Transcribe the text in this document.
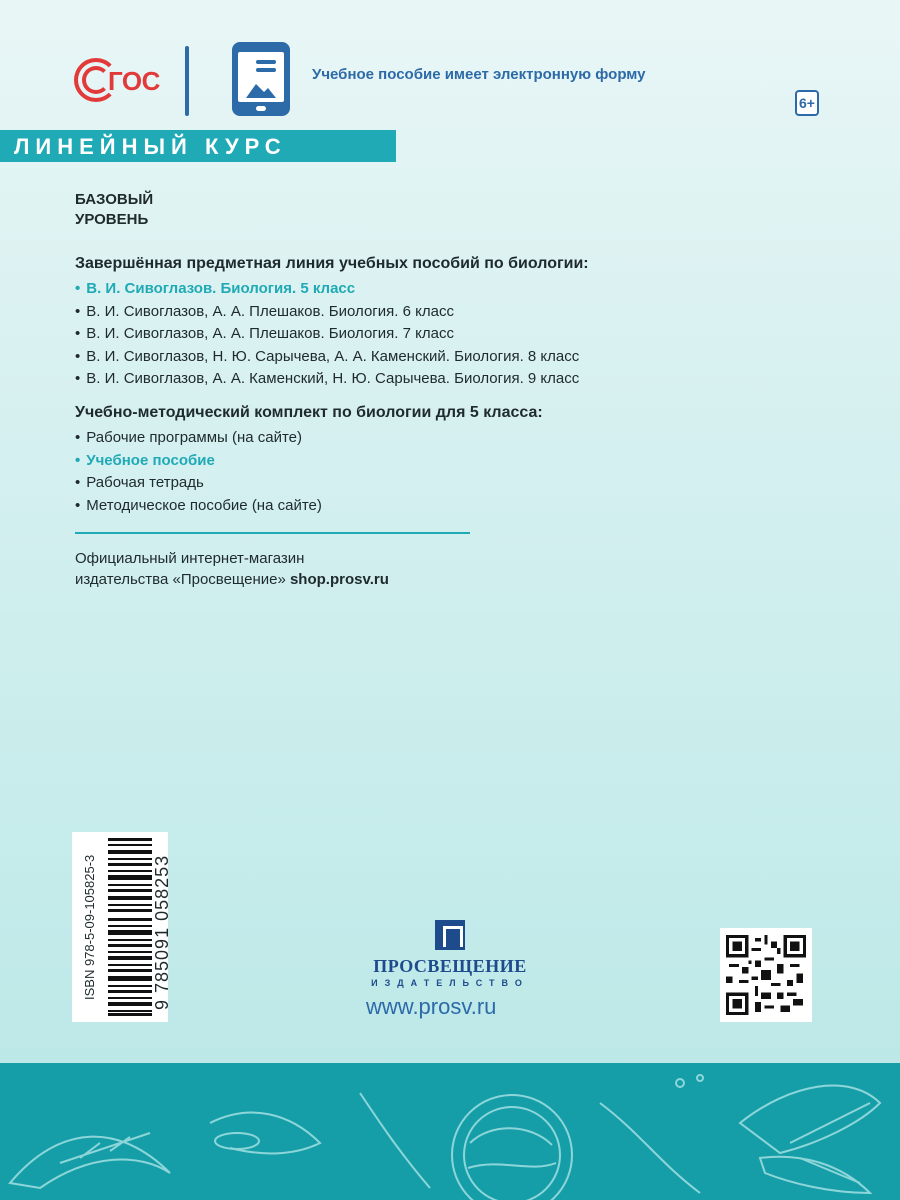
ГОС	Учебное пособие имеет электронную форму
6+
ЛИНЕЙНЫЙ КУРС
БАЗОВЫЙ
УРОВЕНЬ
Завершённая предметная линия учебных пособий по биологии:
• В. И. Сивоглазов. Биология. 5 класс
• В. И. Сивоглазов, А. А. Плешаков. Биология. 6 класс
• В. И. Сивоглазов, А. А. Плешаков. Биология. 7 класс
• В. И. Сивоглазов, Н. Ю. Сарычева, А. А. Каменский. Биология. 8 класс
• В. И. Сивоглазов, А. А. Каменский, Н. Ю. Сарычева. Биология. 9 класс
Учебно-методический комплект по биологии для 5 класса:
• Рабочие программы (на сайте)
• Учебное пособие
• Рабочая тетрадь
• Методическое пособие (на сайте)
Официальный интернет-магазин
издательства «Просвещение» shop.prosv.ru
ISBN 978-5-09-105825-3	9 785091 058253	ПРОСВЕЩЕНИЕ
ИЗДАТЕЛЬСТВО
www.prosv.ru
